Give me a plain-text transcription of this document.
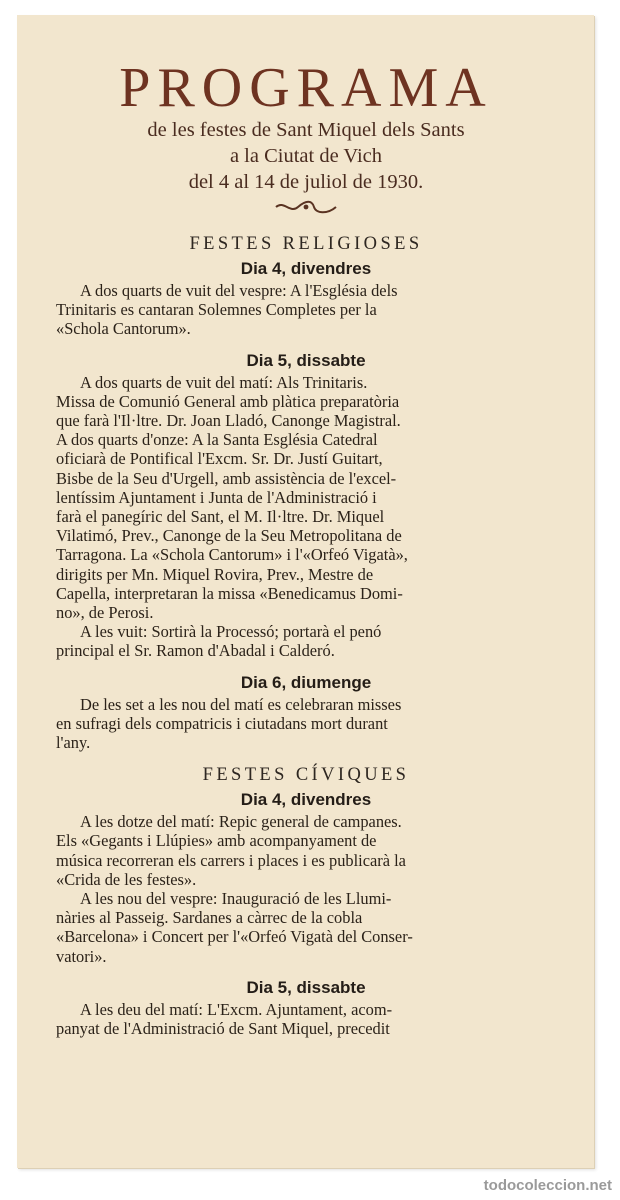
PROGRAMA

de les festes de Sant Miquel dels Sants

a la Ciutat de Vich

del 4 al 14 de juliol de 1930.

FESTES RELIGIOSES
Dia 4, divendres
A dos quarts de vuit del vespre: A l'Església dels
Trinitaris es cantaran Solemnes Completes per la
«Schola Cantorum».
Dia 5, dissabte
A dos quarts de vuit del matí: Als Trinitaris.
Missa de Comunió General amb plàtica preparatòria
que farà l'Il·ltre. Dr. Joan Lladó, Canonge Magistral.
A dos quarts d'onze: A la Santa Església Catedral
oficiarà de Pontifical l'Excm. Sr. Dr. Justí Guitart,
Bisbe de la Seu d'Urgell, amb assistència de l'excel-
lentíssim Ajuntament i Junta de l'Administració i
farà el panegíric del Sant, el M. Il·ltre. Dr. Miquel
Vilatimó, Prev., Canonge de la Seu Metropolitana de
Tarragona. La «Schola Cantorum» i l'«Orfeó Vigatà»,
dirigits per Mn. Miquel Rovira, Prev., Mestre de
Capella, interpretaran la missa «Benedicamus Domi-
no», de Perosi.
A les vuit: Sortirà la Processó; portarà el penó
principal el Sr. Ramon d'Abadal i Calderó.
Dia 6, diumenge
De les set a les nou del matí es celebraran misses
en sufragi dels compatricis i ciutadans mort durant
l'any.
FESTES CÍVIQUES
Dia 4, divendres
A les dotze del matí: Repic general de campanes.
Els «Gegants i Llúpies» amb acompanyament de
música recorreran els carrers i places i es publicarà la
«Crida de les festes».
A les nou del vespre: Inauguració de les Llumi-
nàries al Passeig. Sardanes a càrrec de la cobla
«Barcelona» i Concert per l'«Orfeó Vigatà del Conser-
vatori».
Dia 5, dissabte
A les deu del matí: L'Excm. Ajuntament, acom-
panyat de l'Administració de Sant Miquel, precedit
todocoleccion.net
